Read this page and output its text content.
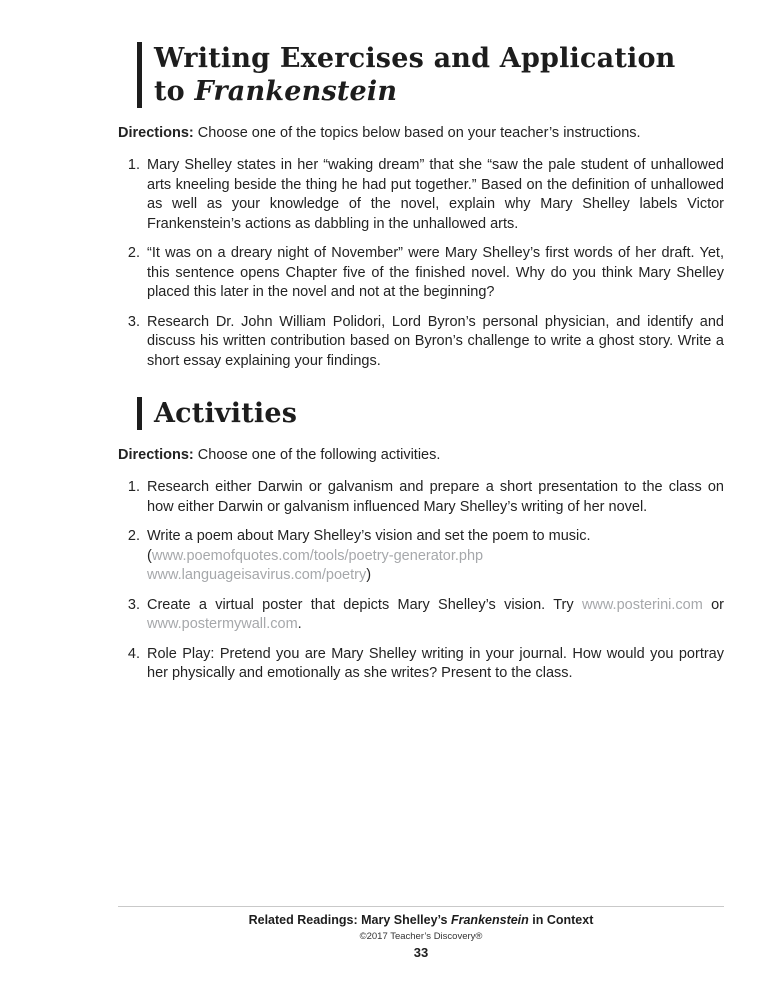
Writing Exercises and Application
to Frankenstein

Directions: Choose one of the topics below based on your teacher’s instructions.

1. Mary Shelley states in her “waking dream” that she “saw the pale student of unhallowed arts kneeling beside the thing he had put together.” Based on the definition of unhallowed as well as your knowledge of the novel, explain why Mary Shelley labels Victor Frankenstein’s actions as dabbling in the unhallowed arts.
2. “It was on a dreary night of November” were Mary Shelley’s first words of her draft. Yet, this sentence opens Chapter five of the finished novel. Why do you think Mary Shelley placed this later in the novel and not at the beginning?
3. Research Dr. John William Polidori, Lord Byron’s personal physician, and identify and discuss his written contribution based on Byron’s challenge to write a ghost story. Write a short essay explaining your findings.
Activities

Directions: Choose one of the following activities.

1. Research either Darwin or galvanism and prepare a short presentation to the class on how either Darwin or galvanism influenced Mary Shelley’s writing of her novel.
2. Write a poem about Mary Shelley’s vision and set the poem to music.
(www.poemofquotes.com/tools/poetry-generator.php
www.languageisavirus.com/poetry)
3. Create a virtual poster that depicts Mary Shelley’s vision. Try www.posterini.com or www.postermywall.com.
4. Role Play: Pretend you are Mary Shelley writing in your journal. How would you portray her physically and emotionally as she writes? Present to the class.
Related Readings: Mary Shelley’s Frankenstein in Context
©2017 Teacher’s Discovery®
33
